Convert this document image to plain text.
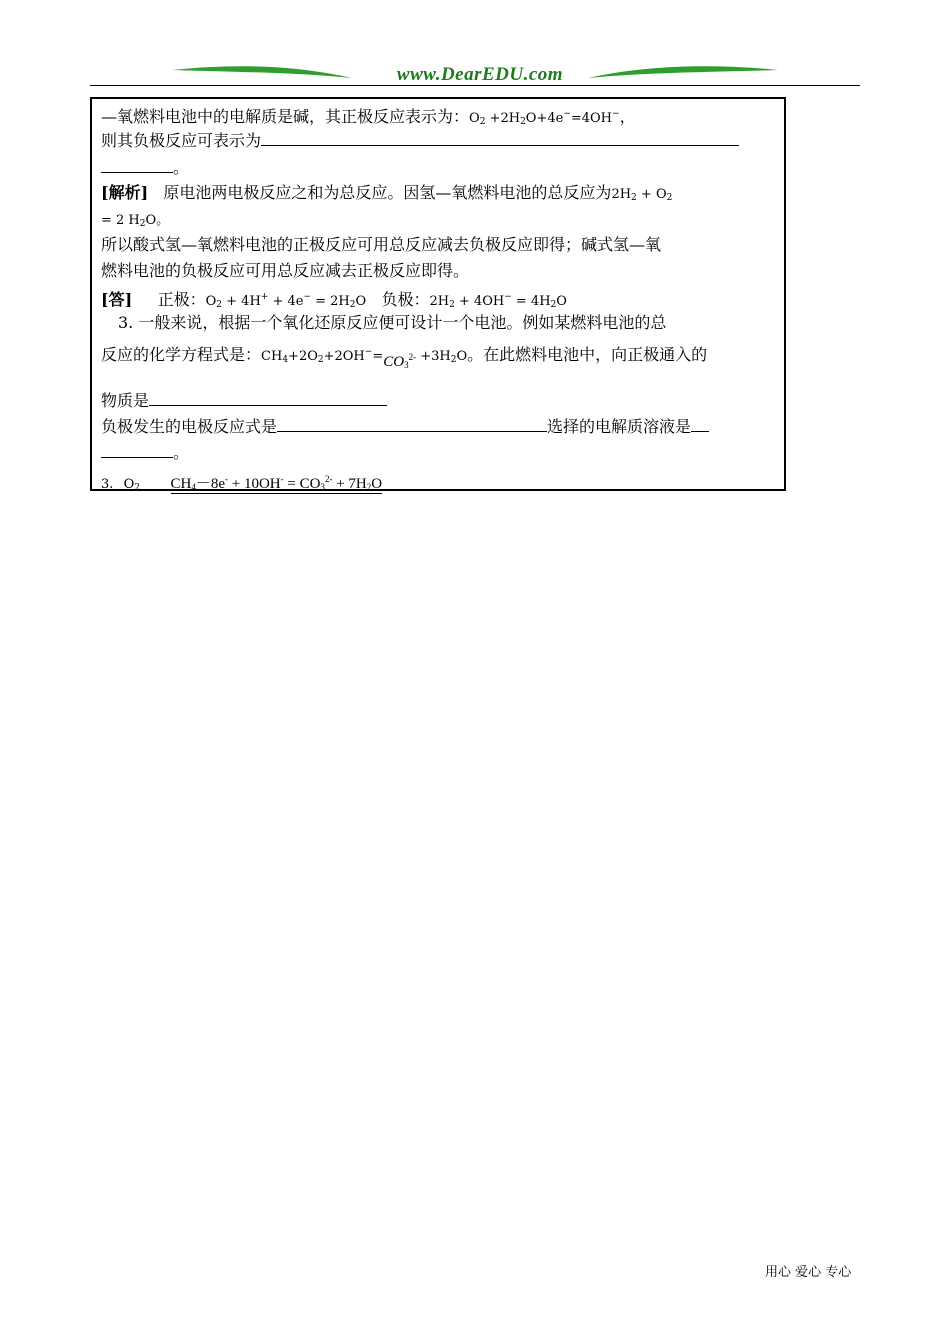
www.DearEDU.com
—氧燃料电池中的电解质是碱，其正极反应表示为：$O_2 +2H_2O+4e^-=4OH^-$，
则其负极反应可表示为
。
[解析] 原电池两电极反应之和为总反应。因氢—氧燃料电池的总反应为$2H_2 + O_2$
= 2 $H_2O$。
所以酸式氢—氧燃料电池的正极反应可用总反应减去负极反应即得；碱式氢—氧
燃料电池的负极反应可用总反应减去正极反应即得。
[答] 正极：$O_2 + 4H^+ + 4e^- = 2H_2O$ 负极：$2H_2 + 4OH^- = 4H_2O$
3. 一般来说，根据一个氧化还原反应便可设计一个电池。例如某燃料电池的总
反应的化学方程式是：$CH_4+2O_2+2OH^-=CO_3^{2-} +3H_2O$。在此燃料电池中，向正极通入的
物质是
负极发生的电极反应式是	选择的电解质溶液是
。
3. $O_2$ $CH_4-8e^- + 10OH^- = CO_3^{2-} + 7H_2O$
用心 爱心 专心
